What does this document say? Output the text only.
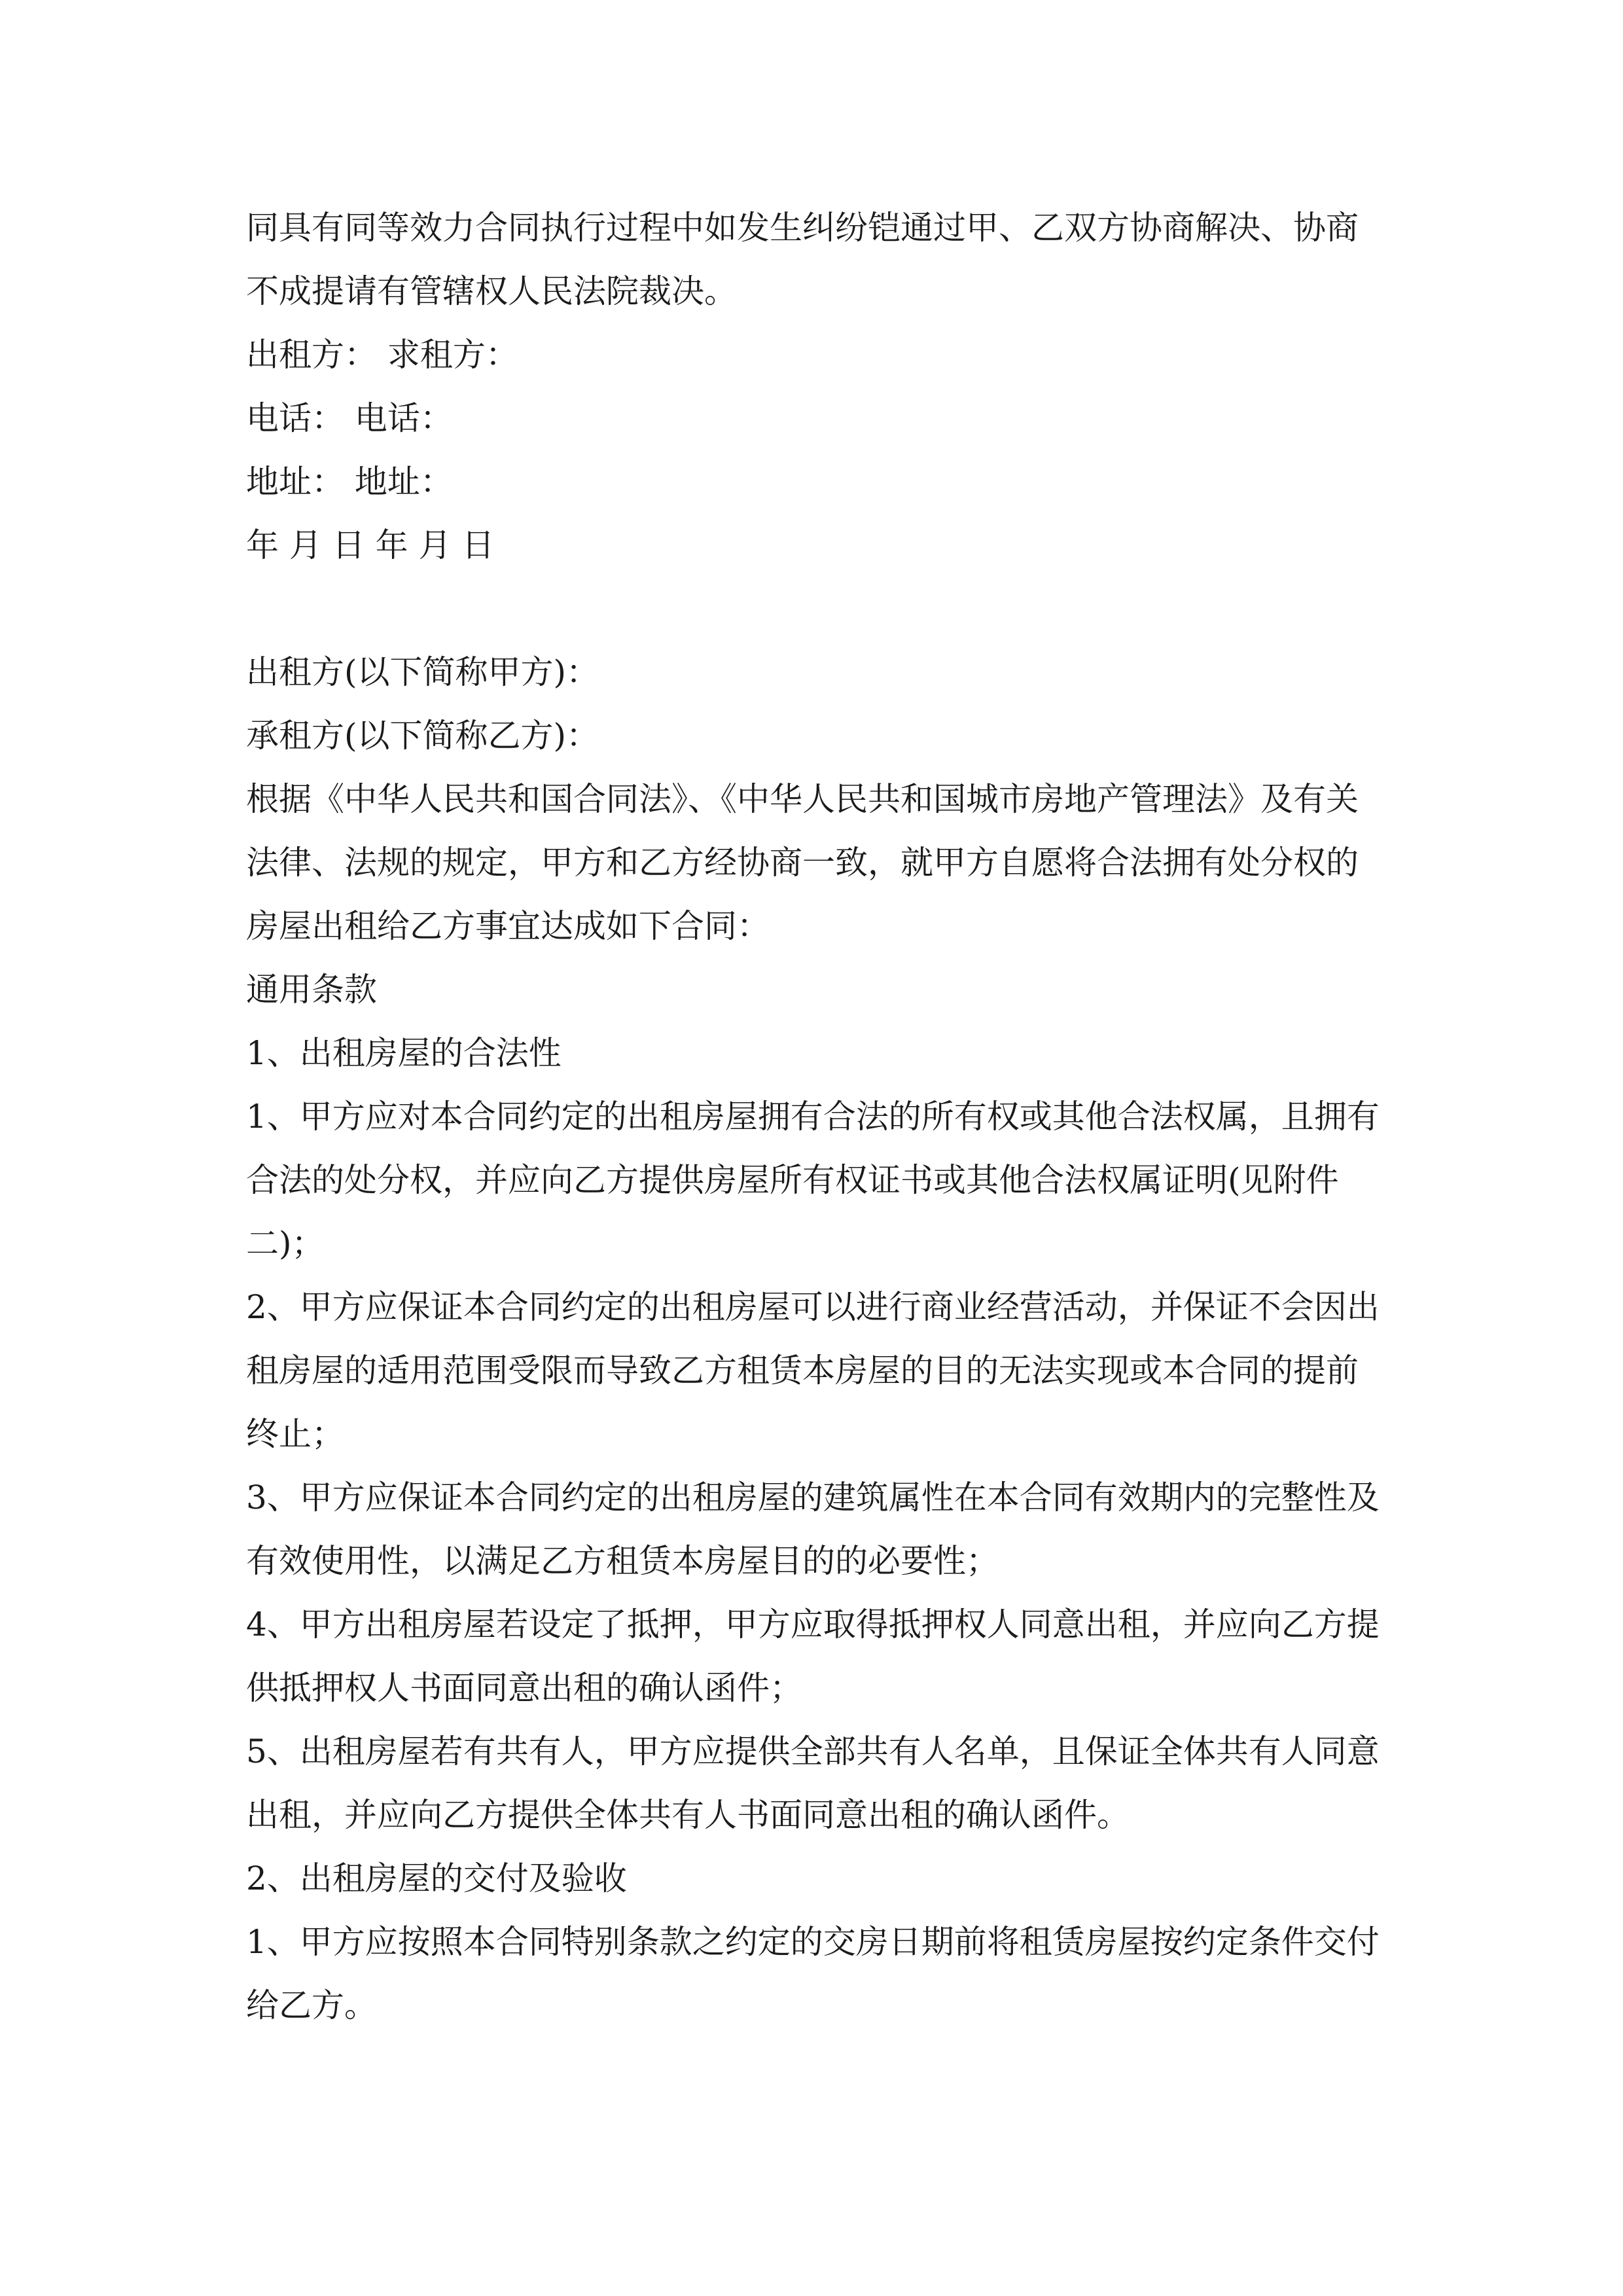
同具有同等效力合同执行过程中如发生纠纷铠通过甲、乙双方协商解决、协商不成提请有管辖权人民法院裁决。

出租方： 求租方：

电话： 电话：

地址： 地址：

年 月 日 年 月 日

出租方(以下简称甲方)：

承租方(以下简称乙方)：

根据《中华人民共和国合同法》、《中华人民共和国城市房地产管理法》及有关法律、法规的规定，甲方和乙方经协商一致，就甲方自愿将合法拥有处分权的房屋出租给乙方事宜达成如下合同：

通用条款

1、出租房屋的合法性

1、甲方应对本合同约定的出租房屋拥有合法的所有权或其他合法权属，且拥有合法的处分权，并应向乙方提供房屋所有权证书或其他合法权属证明(见附件二)；

2、甲方应保证本合同约定的出租房屋可以进行商业经营活动，并保证不会因出租房屋的适用范围受限而导致乙方租赁本房屋的目的无法实现或本合同的提前终止；

3、甲方应保证本合同约定的出租房屋的建筑属性在本合同有效期内的完整性及有效使用性，以满足乙方租赁本房屋目的的必要性；

4、甲方出租房屋若设定了抵押，甲方应取得抵押权人同意出租，并应向乙方提供抵押权人书面同意出租的确认函件；

5、出租房屋若有共有人，甲方应提供全部共有人名单，且保证全体共有人同意出租，并应向乙方提供全体共有人书面同意出租的确认函件。

2、出租房屋的交付及验收

1、甲方应按照本合同特别条款之约定的交房日期前将租赁房屋按约定条件交付给乙方。
